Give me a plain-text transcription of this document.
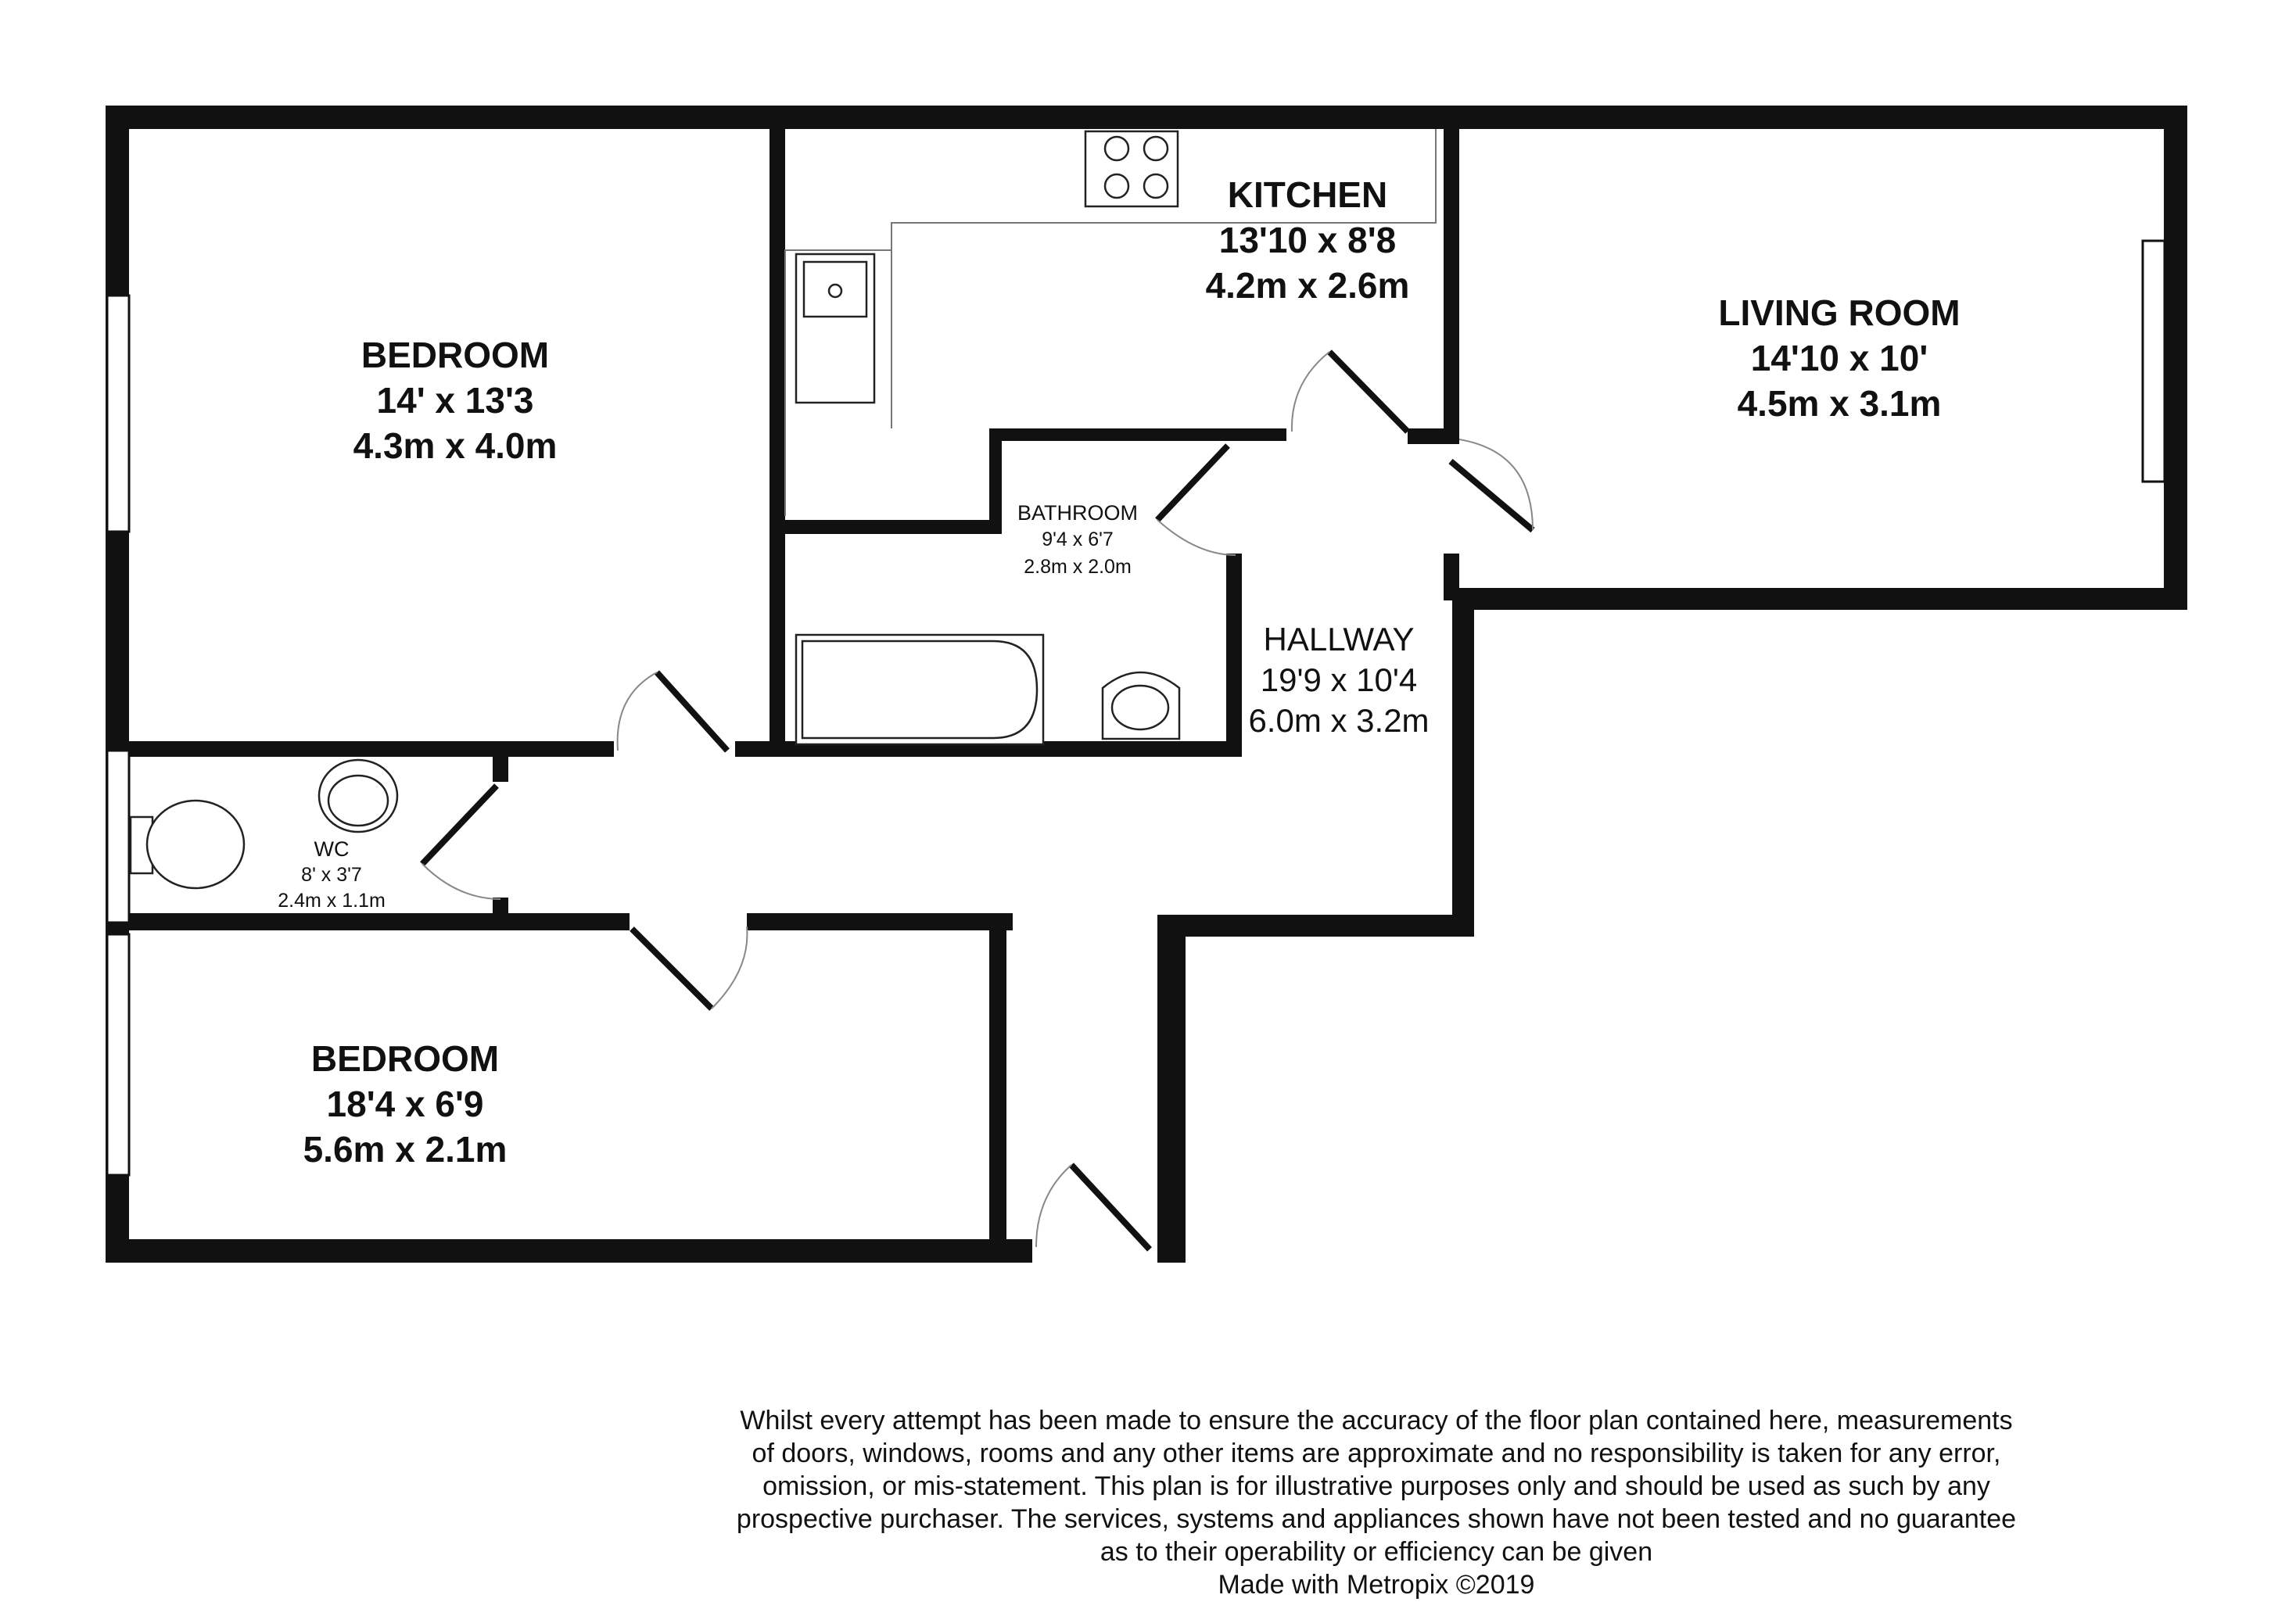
BEDROOM
14' x 13'3
4.3m x 4.0m
KITCHEN
13'10 x 8'8
4.2m x 2.6m
LIVING ROOM
14'10 x 10'
4.5m x 3.1m
BATHROOM
9'4 x 6'7
2.8m x 2.0m
HALLWAY
19'9 x 10'4
6.0m x 3.2m
WC
8' x 3'7
2.4m x 1.1m
BEDROOM
18'4 x 6'9
5.6m x 2.1m
Whilst every attempt has been made to ensure the accuracy of the floor plan contained here, measurements
of doors, windows, rooms and any other items are approximate and no responsibility is taken for any error,
omission, or mis-statement. This plan is for illustrative purposes only and should be used as such by any
prospective purchaser. The services, systems and appliances shown have not been tested and no guarantee
as to their operability or efficiency can be given
Made with Metropix ©2019
